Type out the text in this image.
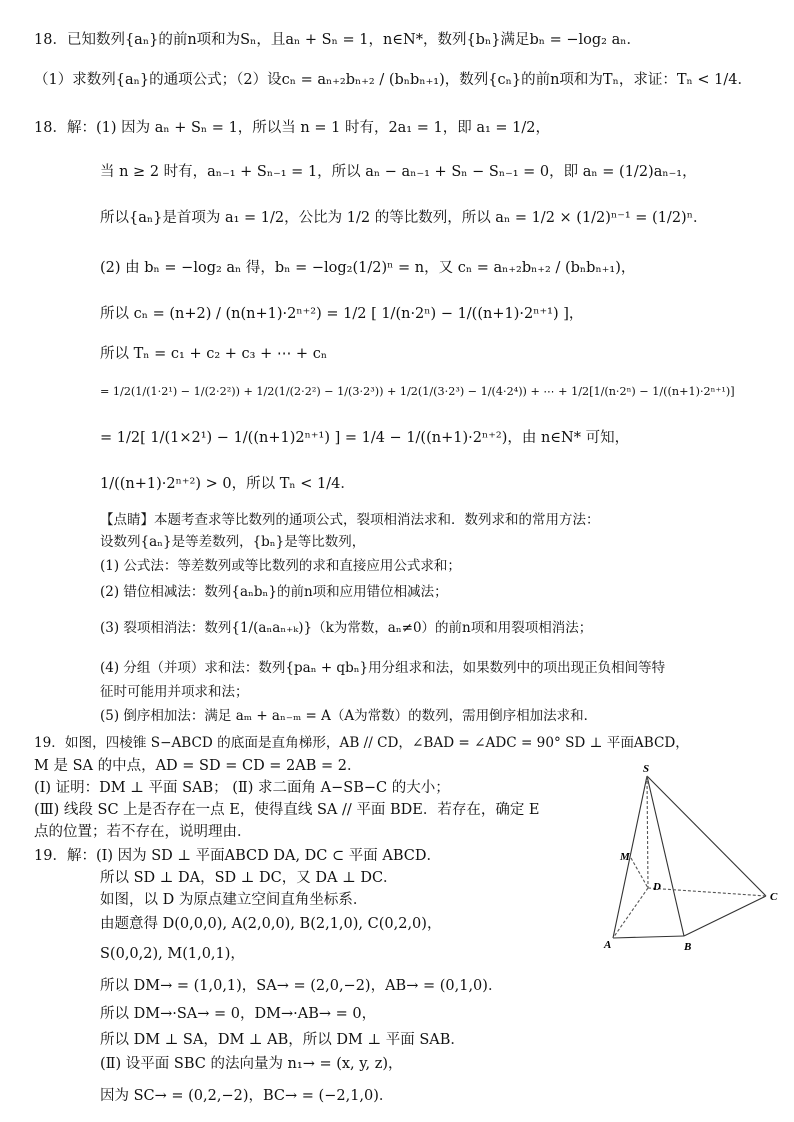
18．已知数列{aₙ}的前n项和为Sₙ，且aₙ + Sₙ = 1，n∈N*，数列{bₙ}满足bₙ = −log₂ aₙ．
（1）求数列{aₙ}的通项公式；（2）设cₙ = aₙ₊₂bₙ₊₂ / (bₙbₙ₊₁)，数列{cₙ}的前n项和为Tₙ，求证：Tₙ < 1/4．
18．解：(1) 因为 aₙ + Sₙ = 1，所以当 n = 1 时有，2a₁ = 1，即 a₁ = 1/2，
当 n ≥ 2 时有，aₙ₋₁ + Sₙ₋₁ = 1，所以 aₙ − aₙ₋₁ + Sₙ − Sₙ₋₁ = 0，即 aₙ = (1/2)aₙ₋₁，
所以{aₙ}是首项为 a₁ = 1/2，公比为 1/2 的等比数列，所以 aₙ = 1/2 × (1/2)ⁿ⁻¹ = (1/2)ⁿ．
(2) 由 bₙ = −log₂ aₙ 得，bₙ = −log₂(1/2)ⁿ = n，又 cₙ = aₙ₊₂bₙ₊₂ / (bₙbₙ₊₁)，
所以 cₙ = (n+2) / (n(n+1)·2ⁿ⁺²) = 1/2 [ 1/(n·2ⁿ) − 1/((n+1)·2ⁿ⁺¹) ]，
所以 Tₙ = c₁ + c₂ + c₃ + ⋯ + cₙ
= 1/2(1/(1·2¹) − 1/(2·2²)) + 1/2(1/(2·2²) − 1/(3·2³)) + 1/2(1/(3·2³) − 1/(4·2⁴)) + ⋯ + 1/2[1/(n·2ⁿ) − 1/((n+1)·2ⁿ⁺¹)]
= 1/2[ 1/(1×2¹) − 1/((n+1)2ⁿ⁺¹) ] = 1/4 − 1/((n+1)·2ⁿ⁺²)，由 n∈N* 可知，
1/((n+1)·2ⁿ⁺²) > 0，所以 Tₙ < 1/4．
【点睛】本题考查求等比数列的通项公式，裂项相消法求和．数列求和的常用方法：
设数列{aₙ}是等差数列，{bₙ}是等比数列，
(1) 公式法：等差数列或等比数列的求和直接应用公式求和；
(2) 错位相减法：数列{aₙbₙ}的前n项和应用错位相减法；
(3) 裂项相消法：数列{1/(aₙaₙ₊ₖ)}（k为常数，aₙ≠0）的前n项和用裂项相消法；
(4) 分组（并项）求和法：数列{paₙ + qbₙ}用分组求和法，如果数列中的项出现正负相间等特
征时可能用并项求和法；
(5) 倒序相加法：满足 aₘ + aₙ₋ₘ = A（A为常数）的数列，需用倒序相加法求和．
19．如图，四棱锥 S−ABCD 的底面是直角梯形，AB // CD，∠BAD = ∠ADC = 90° SD ⊥ 平面ABCD，
M 是 SA 的中点，AD = SD = CD = 2AB = 2．
(Ⅰ) 证明：DM ⊥ 平面 SAB； (Ⅱ) 求二面角 A−SB−C 的大小；
(Ⅲ) 线段 SC 上是否存在一点 E，使得直线 SA // 平面 BDE．若存在，确定 E
点的位置；若不存在，说明理由．
19．解：(Ⅰ) 因为 SD ⊥ 平面ABCD DA, DC ⊂ 平面 ABCD．
所以 SD ⊥ DA，SD ⊥ DC，又 DA ⊥ DC．
如图，以 D 为原点建立空间直角坐标系．
由题意得 D(0,0,0), A(2,0,0), B(2,1,0), C(0,2,0)，
S(0,0,2), M(1,0,1)，
所以 DM→ = (1,0,1)，SA→ = (2,0,−2)，AB→ = (0,1,0)．
所以 DM→·SA→ = 0，DM→·AB→ = 0，
所以 DM ⊥ SA，DM ⊥ AB，所以 DM ⊥ 平面 SAB．
(Ⅱ) 设平面 SBC 的法向量为 n₁→ = (x, y, z)，
因为 SC→ = (0,2,−2)，BC→ = (−2,1,0)．
S
M
D
C
A	B
